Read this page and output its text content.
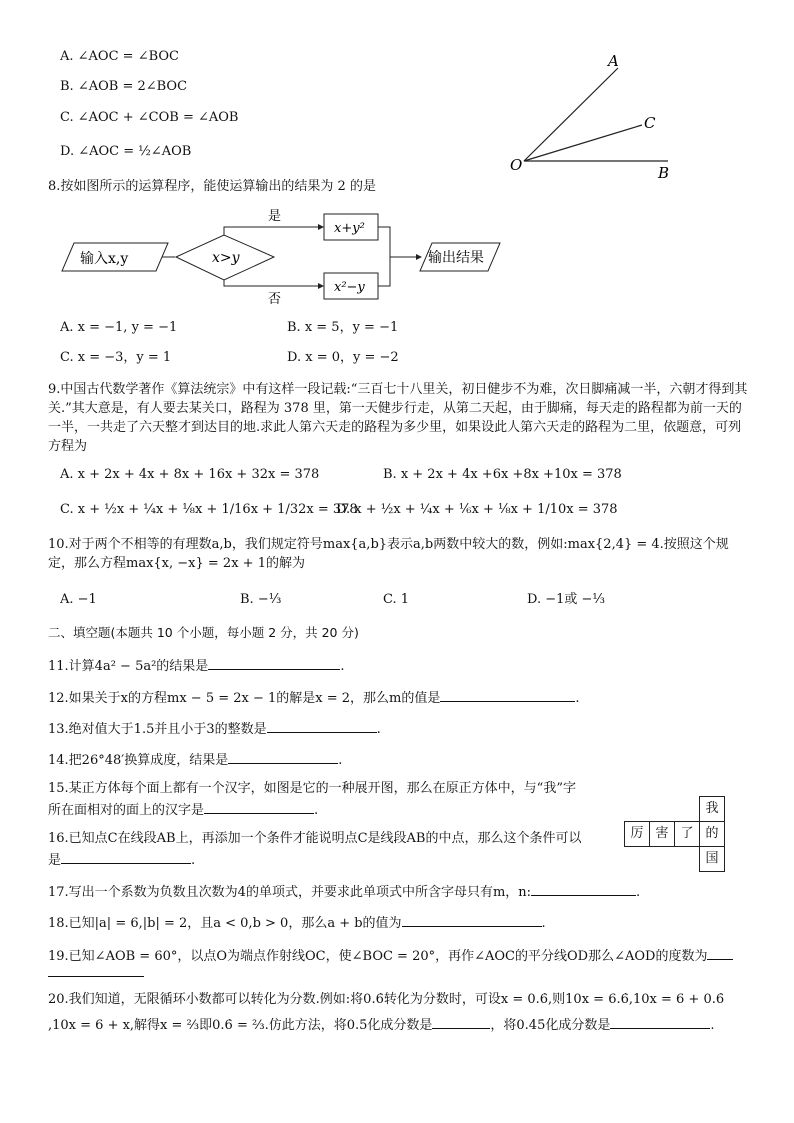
A. ∠AOC = ∠BOC
B. ∠AOB = 2∠BOC
C. ∠AOC + ∠COB = ∠AOB
D. ∠AOC = ½∠AOB
A
C
O	B
8.按如图所示的运算程序，能使运算输出的结果为 2 的是
输入x,y	x>y
是
否
x+y²
x²−y
输出结果
A. x = −1, y = −1	B. x = 5，y = −1
C. x = −3，y = 1	D. x = 0，y = −2
9.中国古代数学著作《算法统宗》中有这样一段记载:“三百七十八里关，初日健步不为难，次日脚痛减一半，六朝才得到其关.”其大意是，有人要去某关口，路程为 378 里，第一天健步行走，从第二天起，由于脚痛，每天走的路程都为前一天的一半，一共走了六天整才到达目的地.求此人第六天走的路程为多少里，如果设此人第六天走的路程为二里，依题意，可列方程为
A. x + 2x + 4x + 8x + 16x + 32x = 378	B. x + 2x + 4x +6x +8x +10x = 378
C. x + ½x + ¼x + ⅛x + 1/16x + 1/32x = 378
D. x + ½x + ¼x + ⅙x + ⅛x + 1/10x = 378
10.对于两个不相等的有理数a,b，我们规定符号max{a,b}表示a,b两数中较大的数，例如:max{2,4} = 4.按照这个规定，那么方程max{x, −x} = 2x + 1的解为
A. −1	B. −⅓	C. 1	D. −1或 −⅓
二、填空题(本题共 10 个小题，每小题 2 分，共 20 分)
11.计算4a² − 5a²的结果是	.
12.如果关于x的方程mx − 5 = 2x − 1的解是x = 2，那么m的值是	.
13.绝对值大于1.5并且小于3的整数是	.
14.把26°48′换算成度，结果是	.
15.某正方体每个面上都有一个汉字，如图是它的一种展开图，那么在原正方体中，与“我”字
所在面相对的面上的汉字是	.	我
厉 害 了 的
国
16.已知点C在线段AB上，再添加一个条件才能说明点C是线段AB的中点，那么这个条件可以
是	.
17.写出一个系数为负数且次数为4的单项式，并要求此单项式中所含字母只有m，n:	.
18.已知|a| = 6,|b| = 2，且a < 0,b > 0，那么a + b的值为	.
19.已知∠AOB = 60°，以点O为端点作射线OC，使∠BOC = 20°，再作∠AOC的平分线OD那么∠AOD的度数为
20.我们知道，无限循环小数都可以转化为分数.例如:将0.6̇转化为分数时，可设x = 0.6̇,则10x = 6.6̇,10x = 6 + 0.6̇
,10x = 6 + x,解得x = ⅔即0.6̇ = ⅔.仿此方法，将0.5̇化成分数是	，将0.45̇化成分数是	.
